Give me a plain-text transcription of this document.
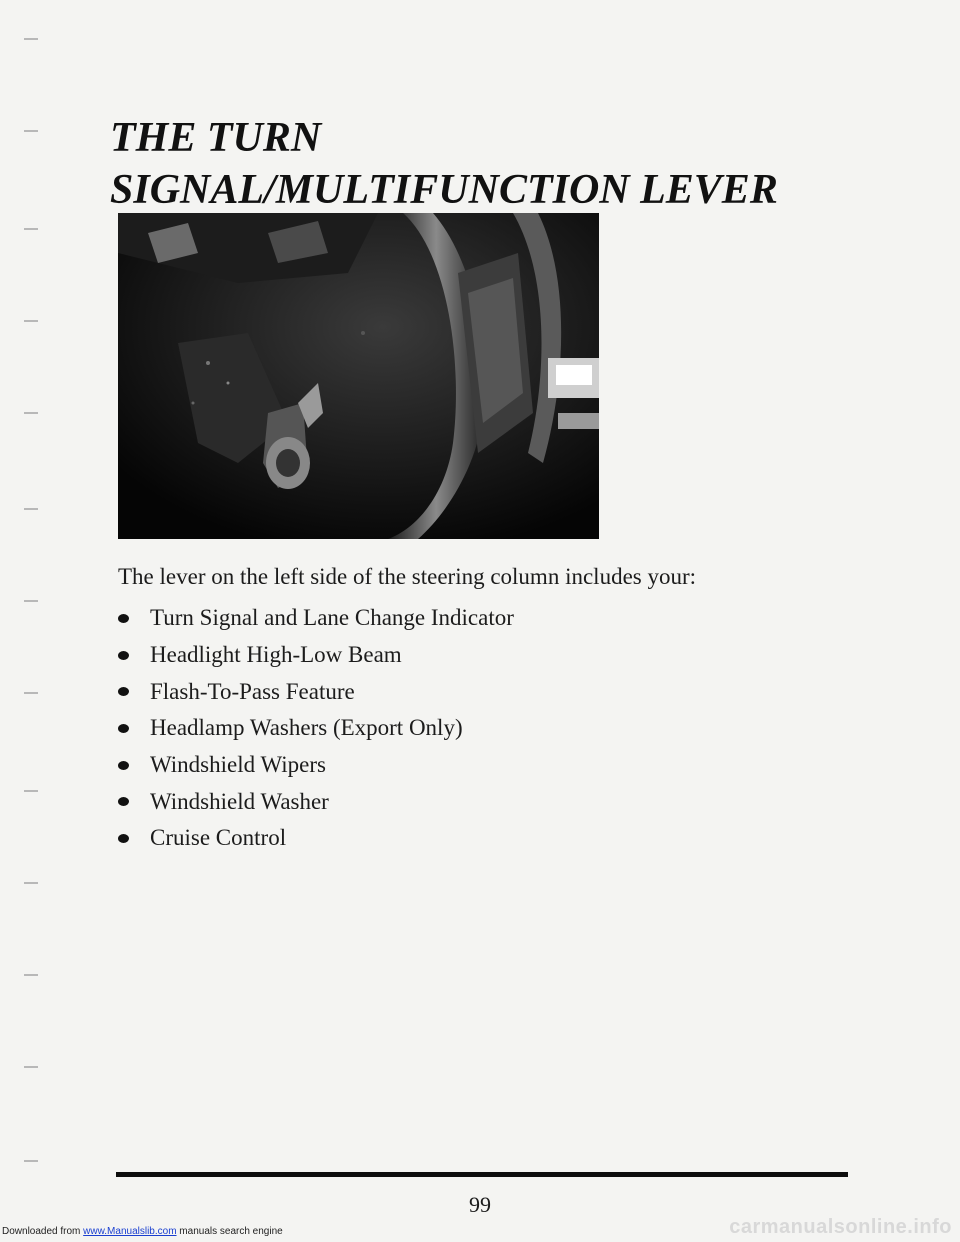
THE TURN SIGNAL/MULTIFUNCTION LEVER

The lever on the left side of the steering column includes your:

Turn Signal and Lane Change Indicator
Headlight High-Low Beam
Flash-To-Pass Feature
Headlamp Washers (Export Only)
Windshield Wipers
Windshield Washer
Cruise Control
99
Downloaded from www.Manualslib.com manuals search engine	carmanualsonline.info
